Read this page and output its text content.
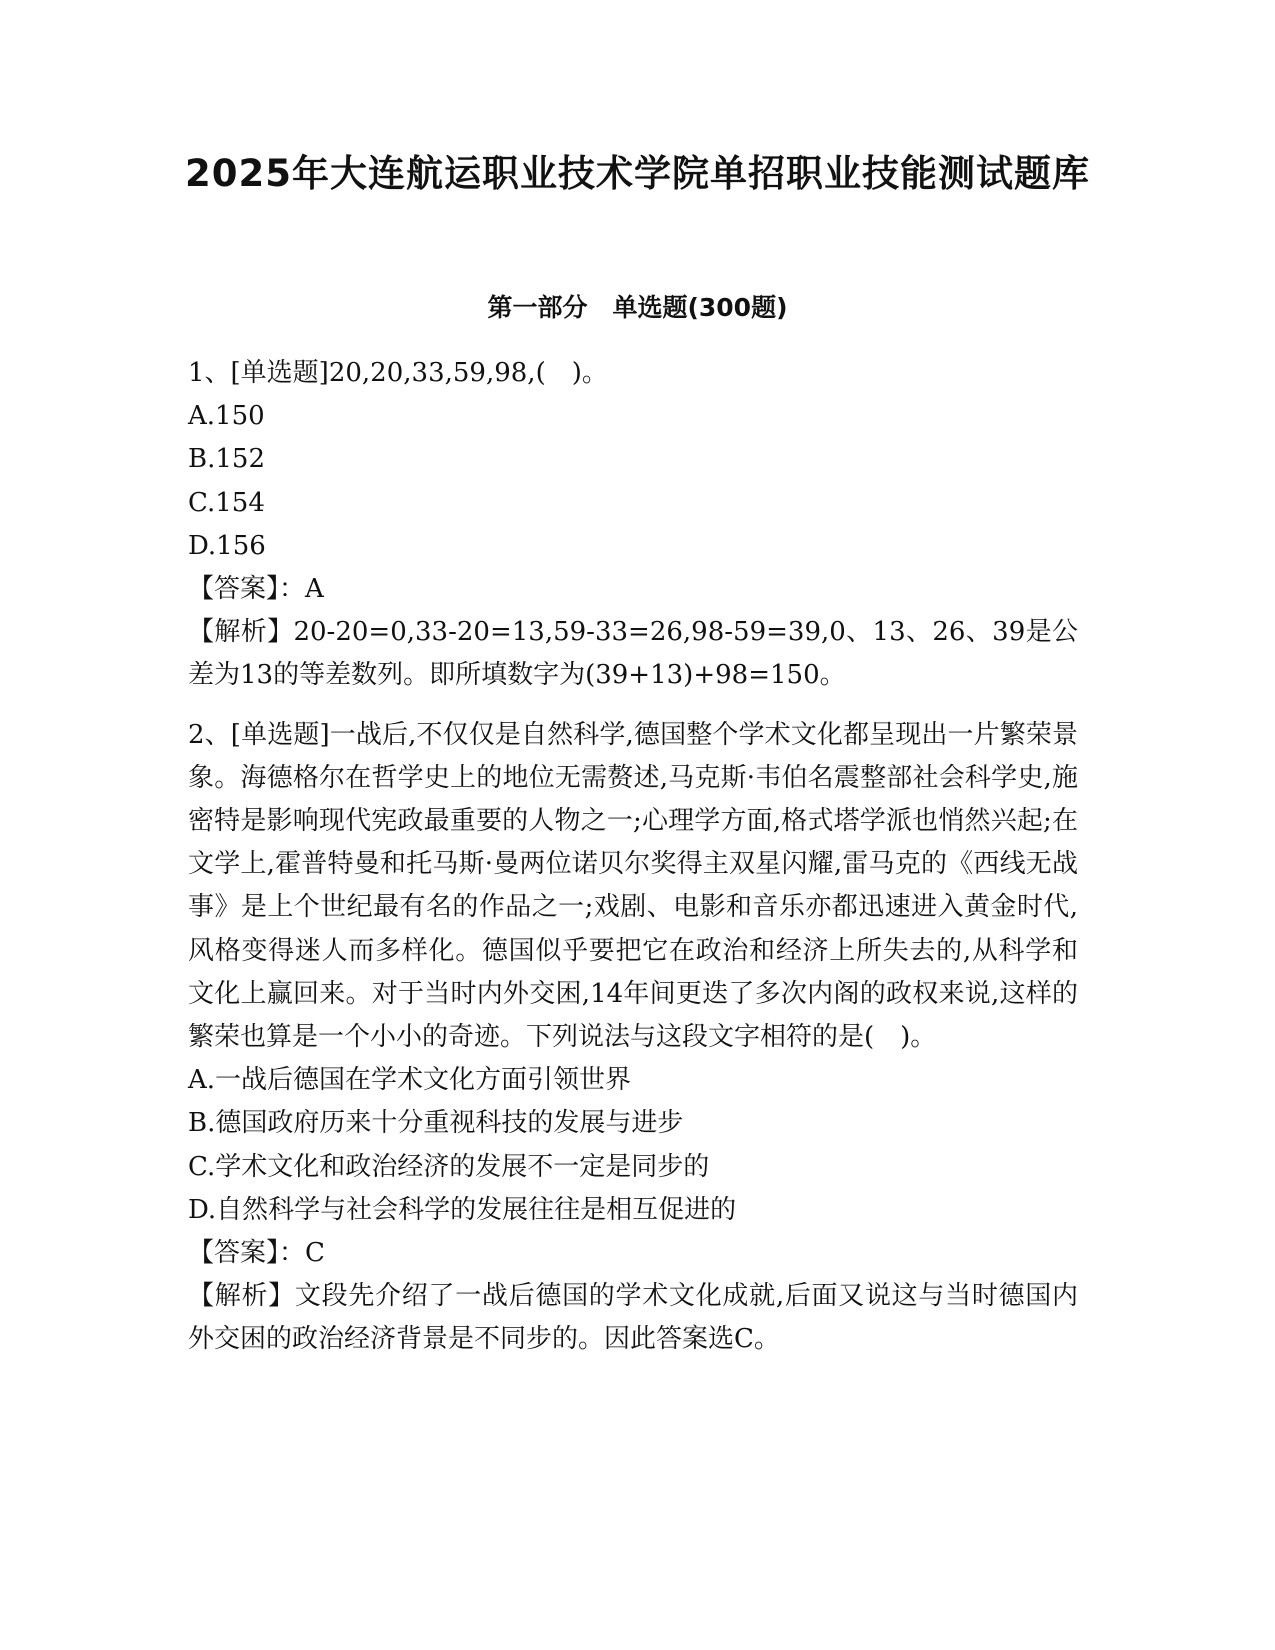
2025年大连航运职业技术学院单招职业技能测试题库
第一部分　单选题(300题)

1、[单选题]20,20,33,59,98,(　)。

A.150

B.152

C.154

D.156

【答案】：A

【解析】20-20=0,33-20=13,59-33=26,98-59=39,0、13、26、39是公差为13的等差数列。即所填数字为(39+13)+98=150。

2、[单选题]一战后,不仅仅是自然科学,德国整个学术文化都呈现出一片繁荣景象。海德格尔在哲学史上的地位无需赘述,马克斯·韦伯名震整部社会科学史,施密特是影响现代宪政最重要的人物之一;心理学方面,格式塔学派也悄然兴起;在文学上,霍普特曼和托马斯·曼两位诺贝尔奖得主双星闪耀,雷马克的《西线无战事》是上个世纪最有名的作品之一;戏剧、电影和音乐亦都迅速进入黄金时代,风格变得迷人而多样化。德国似乎要把它在政治和经济上所失去的,从科学和文化上赢回来。对于当时内外交困,14年间更迭了多次内阁的政权来说,这样的繁荣也算是一个小小的奇迹。下列说法与这段文字相符的是(　)。

A.一战后德国在学术文化方面引领世界

B.德国政府历来十分重视科技的发展与进步

C.学术文化和政治经济的发展不一定是同步的

D.自然科学与社会科学的发展往往是相互促进的

【答案】：C

【解析】文段先介绍了一战后德国的学术文化成就,后面又说这与当时德国内外交困的政治经济背景是不同步的。因此答案选C。
